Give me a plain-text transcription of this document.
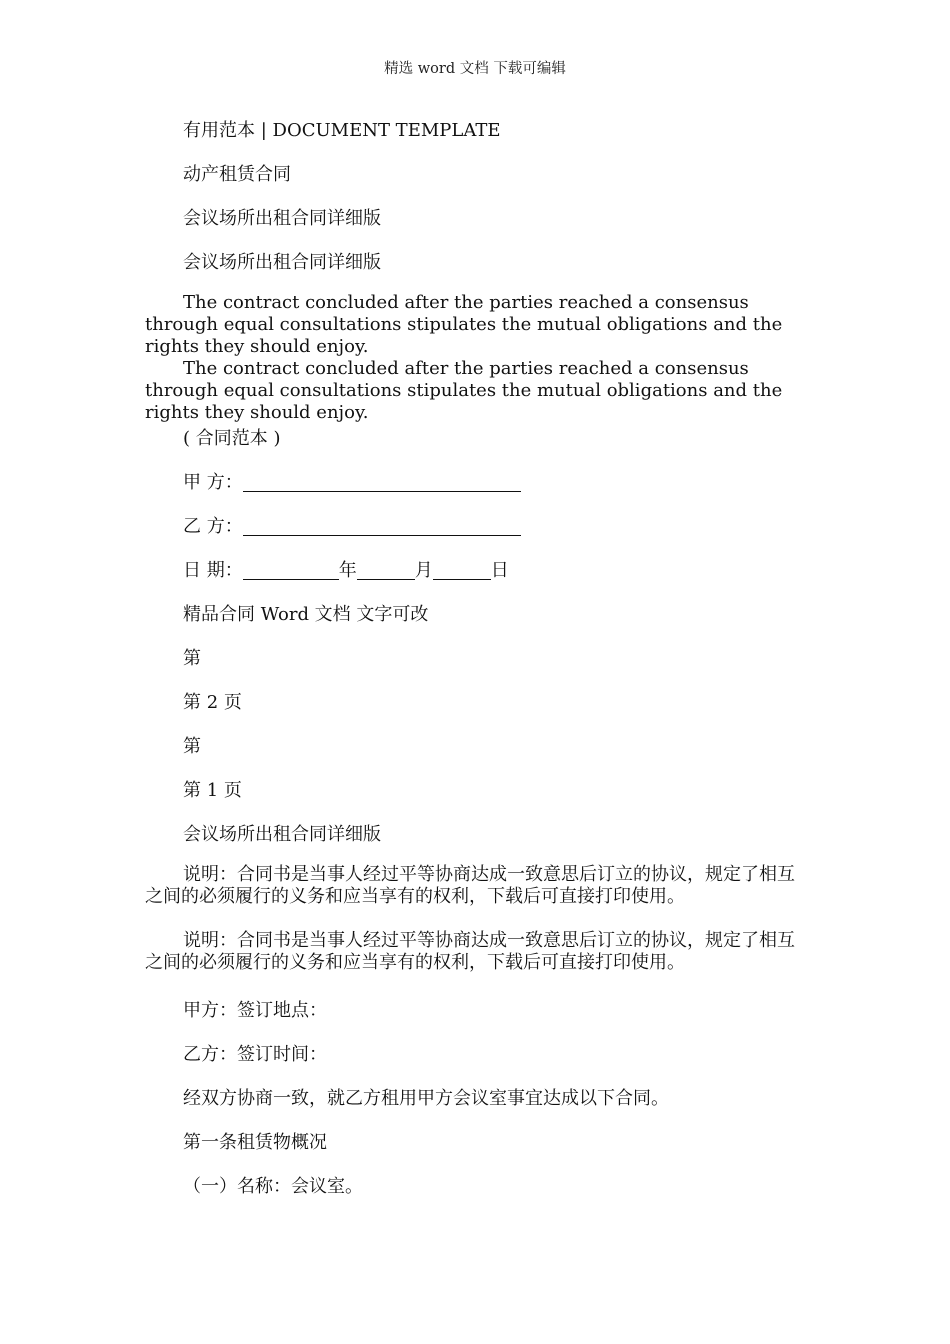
精选 word 文档 下载可编辑
有用范本 | DOCUMENT TEMPLATE
动产租赁合同
会议场所出租合同详细版
会议场所出租合同详细版
The contract concluded after the parties reached a consensus through equal consultations stipulates the mutual obligations and the rights they should enjoy.
The contract concluded after the parties reached a consensus through equal consultations stipulates the mutual obligations and the rights they should enjoy.
( 合同范本 )
甲 方：
乙 方：
日 期：	年	月	日
精品合同 Word 文档 文字可改
第
第 2 页
第
第 1 页
会议场所出租合同详细版
说明：合同书是当事人经过平等协商达成一致意思后订立的协议，规定了相互之间的必须履行的义务和应当享有的权利，下载后可直接打印使用。
说明：合同书是当事人经过平等协商达成一致意思后订立的协议，规定了相互之间的必须履行的义务和应当享有的权利，下载后可直接打印使用。
甲方：签订地点：
乙方：签订时间：
经双方协商一致，就乙方租用甲方会议室事宜达成以下合同。
第一条租赁物概况
（一）名称：会议室。
